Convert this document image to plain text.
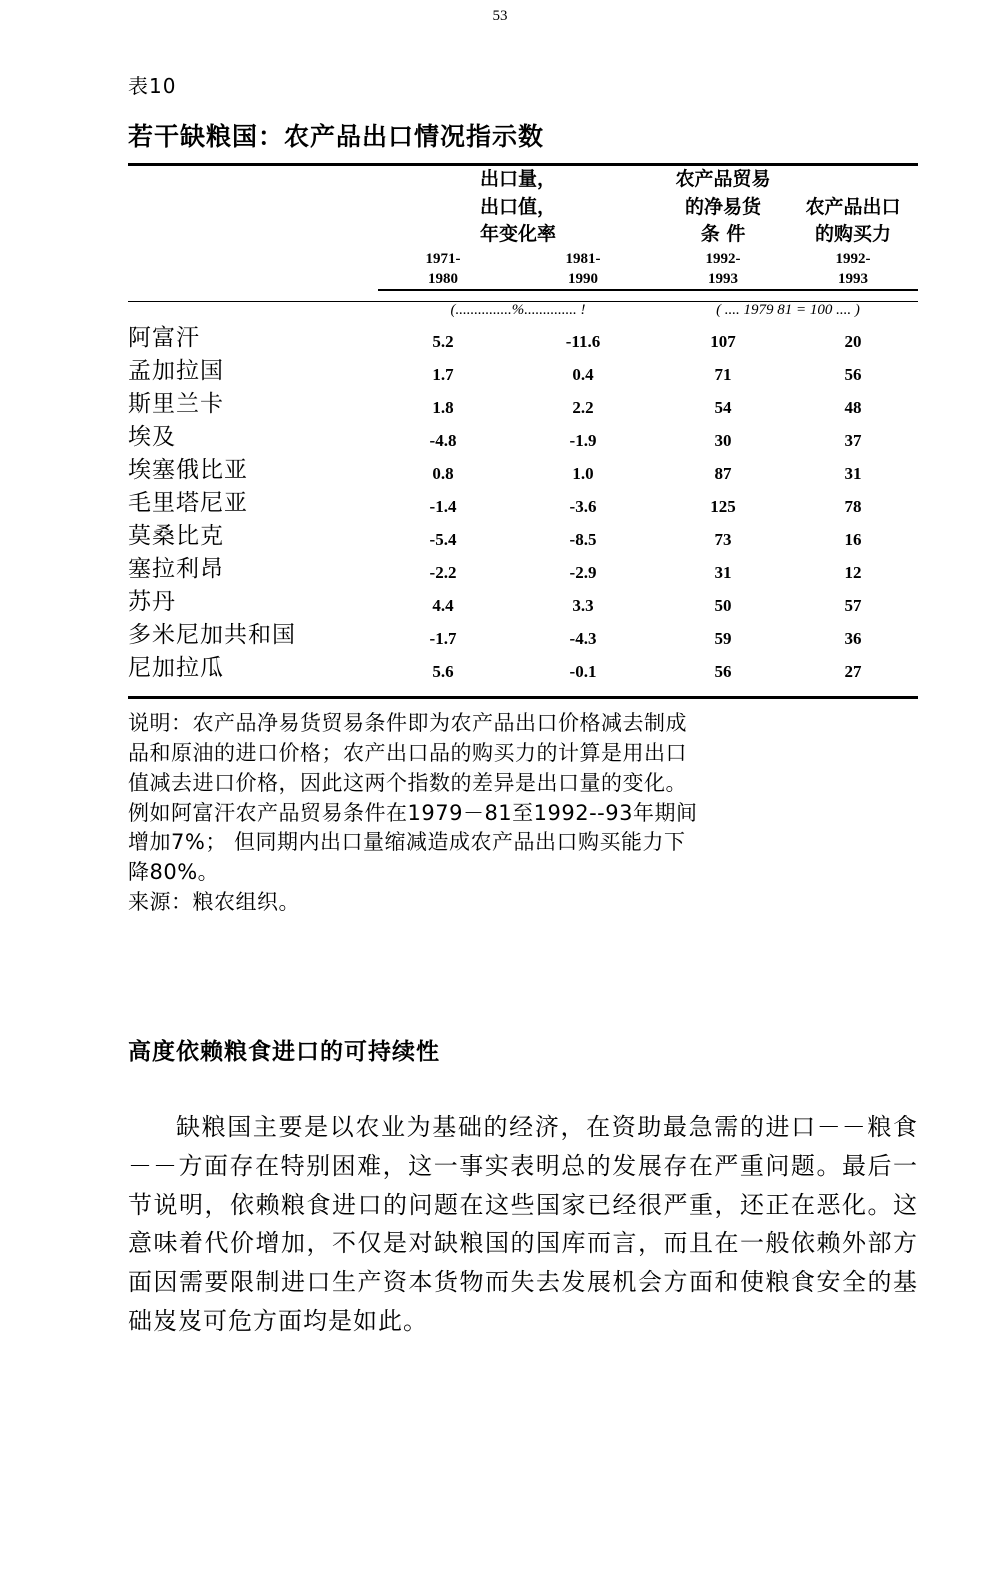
53
表10
若干缺粮国：农产品出口情况指示数

	出口量，
出口值，
年变化率		农产品贸易
的净易货
条 件	农产品出口
的购买力

	1971-
1980	1981-
1990	1992-
1993	1992-
1993
	(...............%.............. !		( .... 1979 81 = 100 .... )	
阿富汗	5.2	-11.6	107	20
孟加拉国	1.7	0.4	71	56
斯里兰卡	1.8	2.2	54	48
埃及	-4.8	-1.9	30	37
埃塞俄比亚	0.8	1.0	87	31
毛里塔尼亚	-1.4	-3.6	125	78
莫桑比克	-5.4	-8.5	73	16
塞拉利昂	-2.2	-2.9	31	12
苏丹	4.4	3.3	50	57
多米尼加共和国	-1.7	-4.3	59	36
尼加拉瓜	5.6	-0.1	56	27

说明：农产品净易货贸易条件即为农产品出口价格减去制成

品和原油的进口价格；农产出口品的购买力的计算是用出口

值减去进口价格，因此这两个指数的差异是出口量的变化。

例如阿富汗农产品贸易条件在1979－81至1992--93年期间

增加7%； 但同期内出口量缩减造成农产品出口购买能力下

降80%。

来源：粮农组织。

高度依赖粮食进口的可持续性

缺粮国主要是以农业为基础的经济，在资助最急需的进口－－粮食－－方面存在特别困难，这一事实表明总的发展存在严重问题。最后一节说明，依赖粮食进口的问题在这些国家已经很严重，还正在恶化。这意味着代价增加，不仅是对缺粮国的国库而言，而且在一般依赖外部方面因需要限制进口生产资本货物而失去发展机会方面和使粮食安全的基础岌岌可危方面均是如此。
